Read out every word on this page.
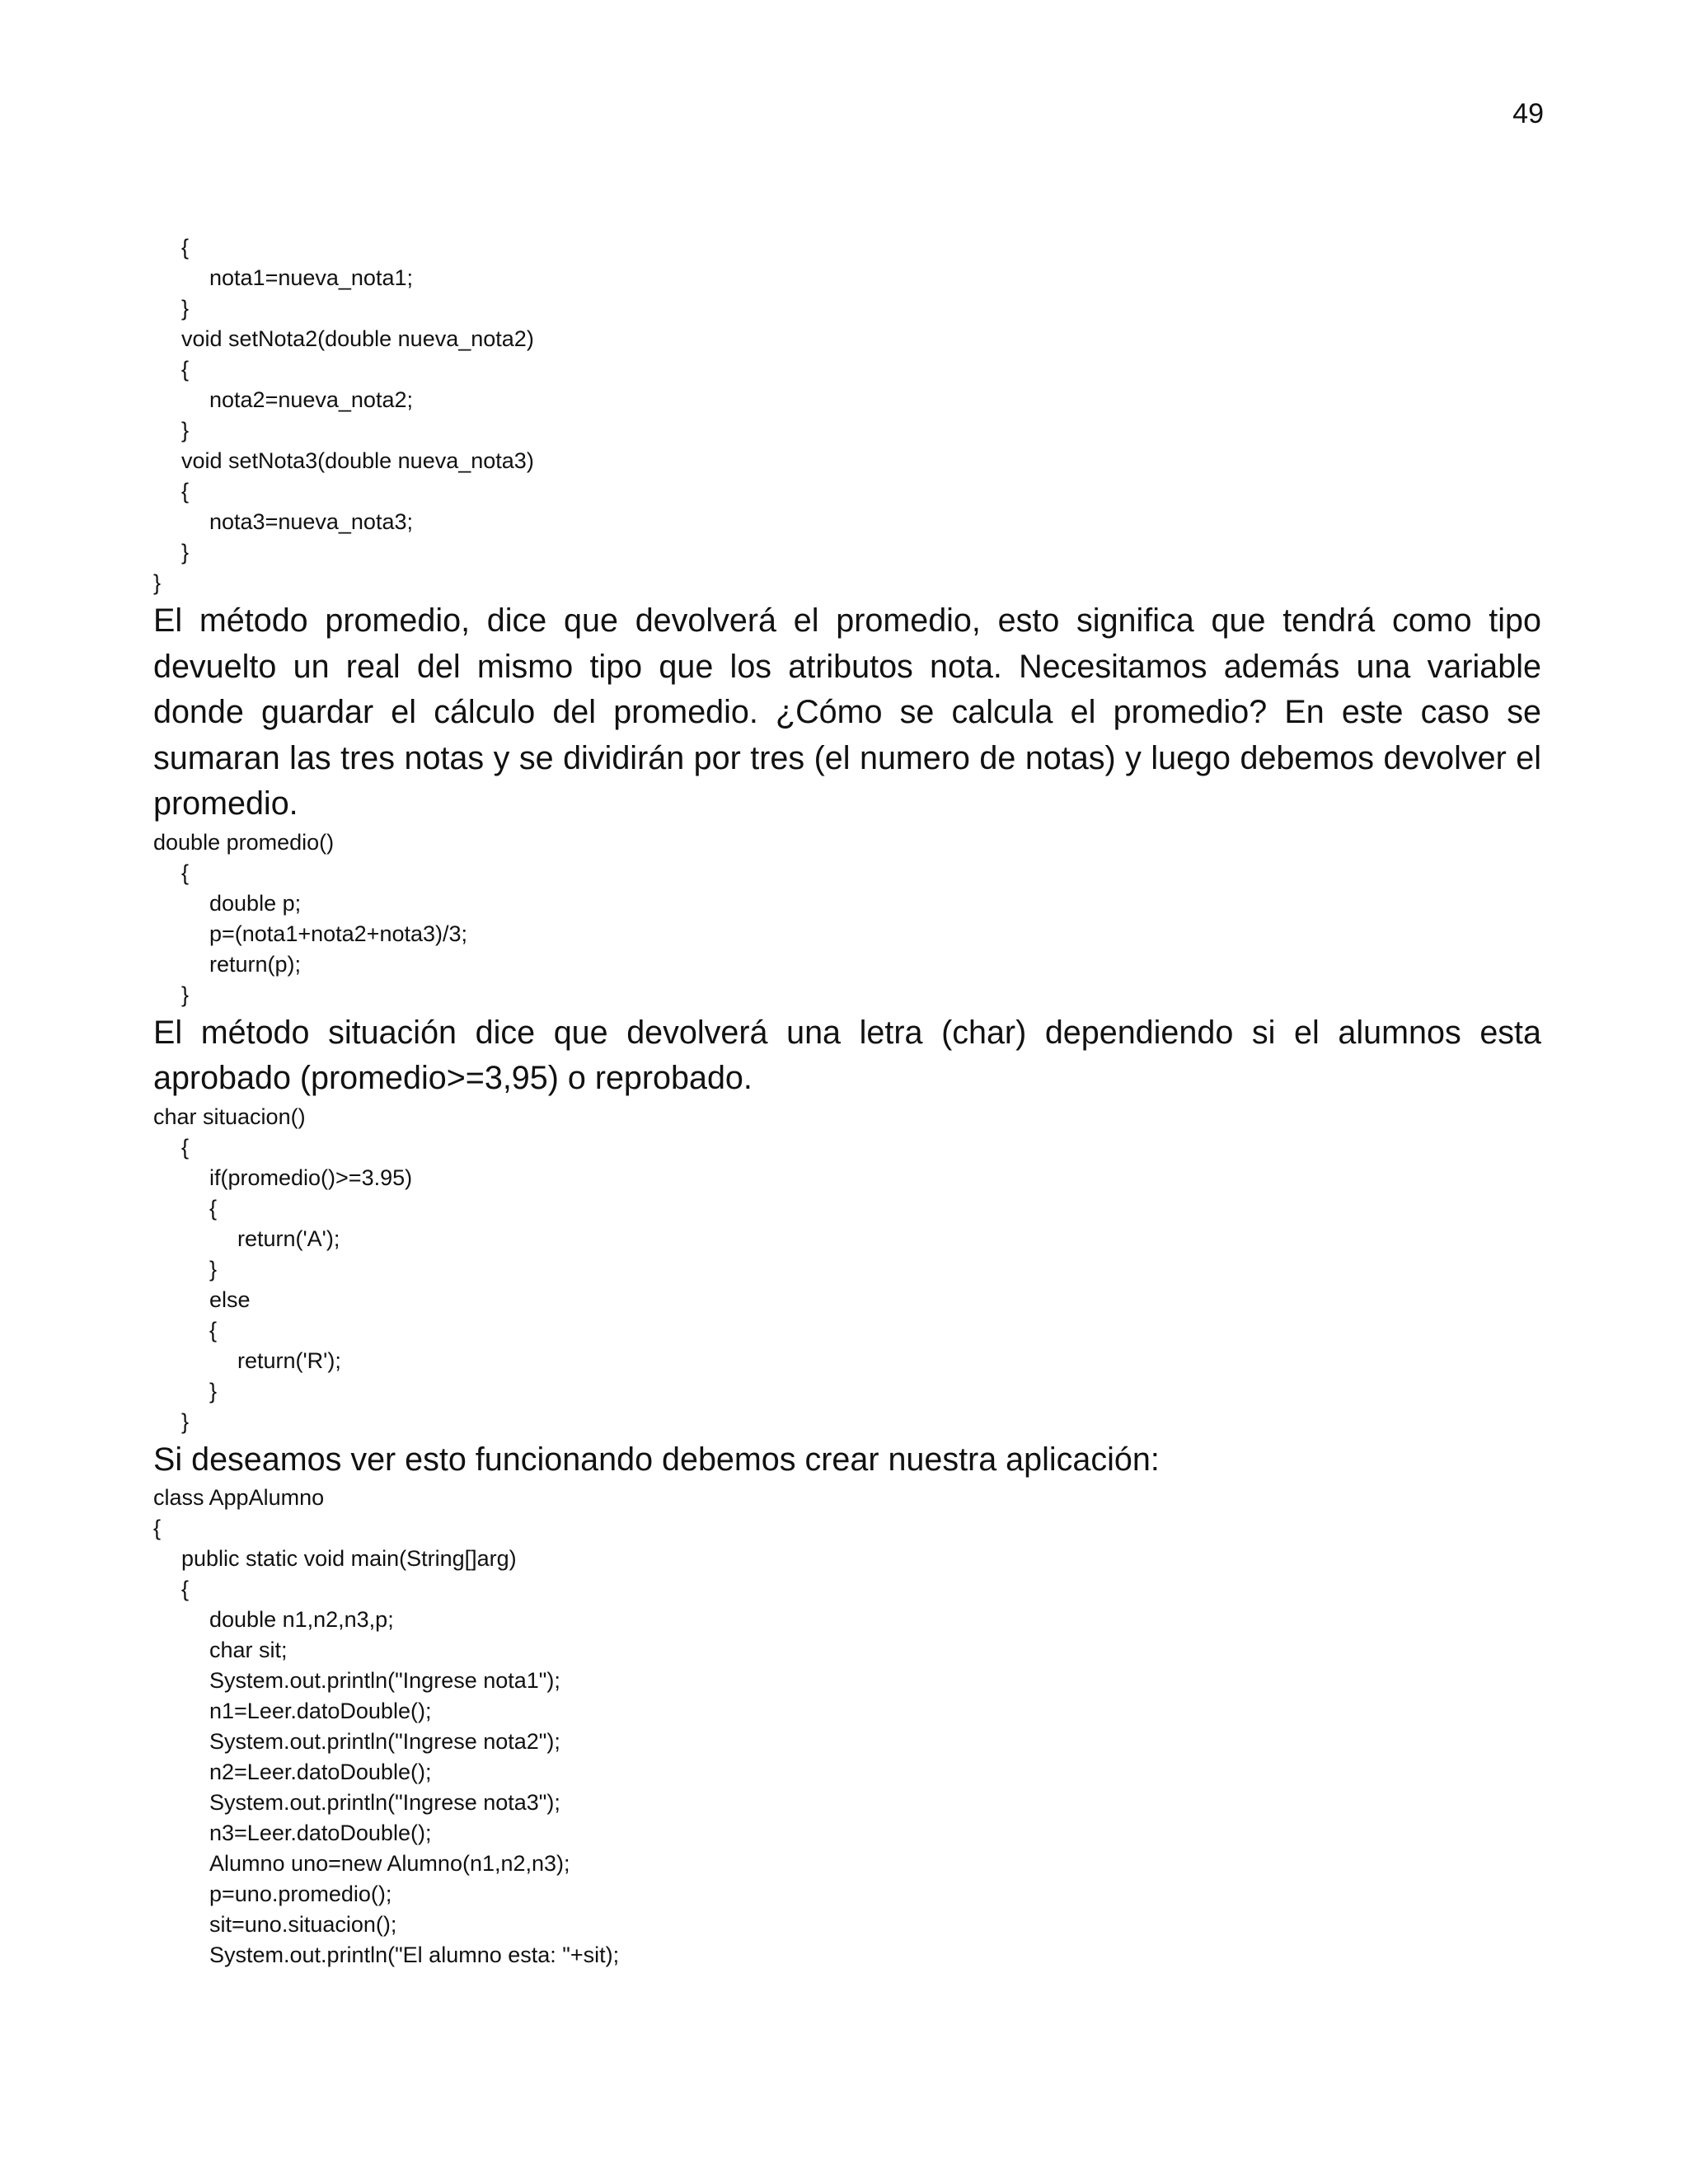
49
{
nota1=nueva_nota1;
}
void setNota2(double nueva_nota2)
{
nota2=nueva_nota2;
}
void setNota3(double nueva_nota3)
{
nota3=nueva_nota3;
}
}

El método promedio, dice que devolverá el promedio, esto significa que tendrá como tipo devuelto un real del mismo tipo que los atributos nota. Necesitamos además una variable donde guardar el cálculo del promedio. ¿Cómo se calcula el promedio? En este caso se sumaran las tres notas y se dividirán por tres (el numero de notas) y luego debemos devolver el promedio.

double promedio()
{
double p;
p=(nota1+nota2+nota3)/3;
return(p);
}

El método situación dice que devolverá una letra (char) dependiendo si el alumnos esta aprobado (promedio>=3,95) o reprobado.

char situacion()
{
if(promedio()>=3.95)
{
return('A');
}
else
{
return('R');
}
}

Si deseamos ver esto funcionando debemos crear nuestra aplicación:

class AppAlumno
{
public static void main(String[]arg)
{
double n1,n2,n3,p;
char sit;
System.out.println("Ingrese nota1");
n1=Leer.datoDouble();
System.out.println("Ingrese nota2");
n2=Leer.datoDouble();
System.out.println("Ingrese nota3");
n3=Leer.datoDouble();
Alumno uno=new Alumno(n1,n2,n3);
p=uno.promedio();
sit=uno.situacion();
System.out.println("El alumno esta: "+sit);
